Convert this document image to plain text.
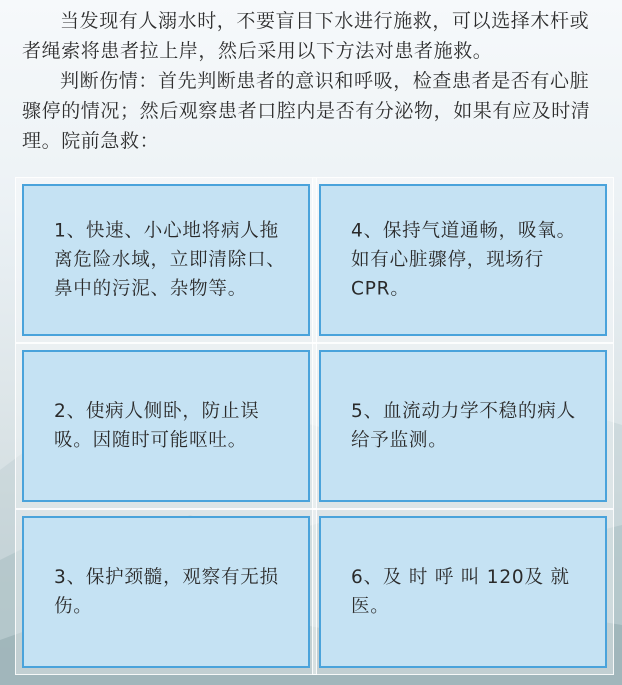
当发现有人溺水时，不要盲目下水进行施救，可以选择木杆或者绳索将患者拉上岸，然后采用以下方法对患者施救。

判断伤情：首先判断患者的意识和呼吸，检查患者是否有心脏骤停的情况；然后观察患者口腔内是否有分泌物，如果有应及时清理。院前急救：

1、快速、小心地将病人拖离危险水域，立即清除口、鼻中的污泥、杂物等。
4、保持气道通畅，吸氧。如有心脏骤停，现场行CPR。
2、使病人侧卧，防止误吸。因随时可能呕吐。
5、血流动力学不稳的病人给予监测。
3、保护颈髓，观察有无损伤。
6、及 时 呼 叫 120及 就医。
